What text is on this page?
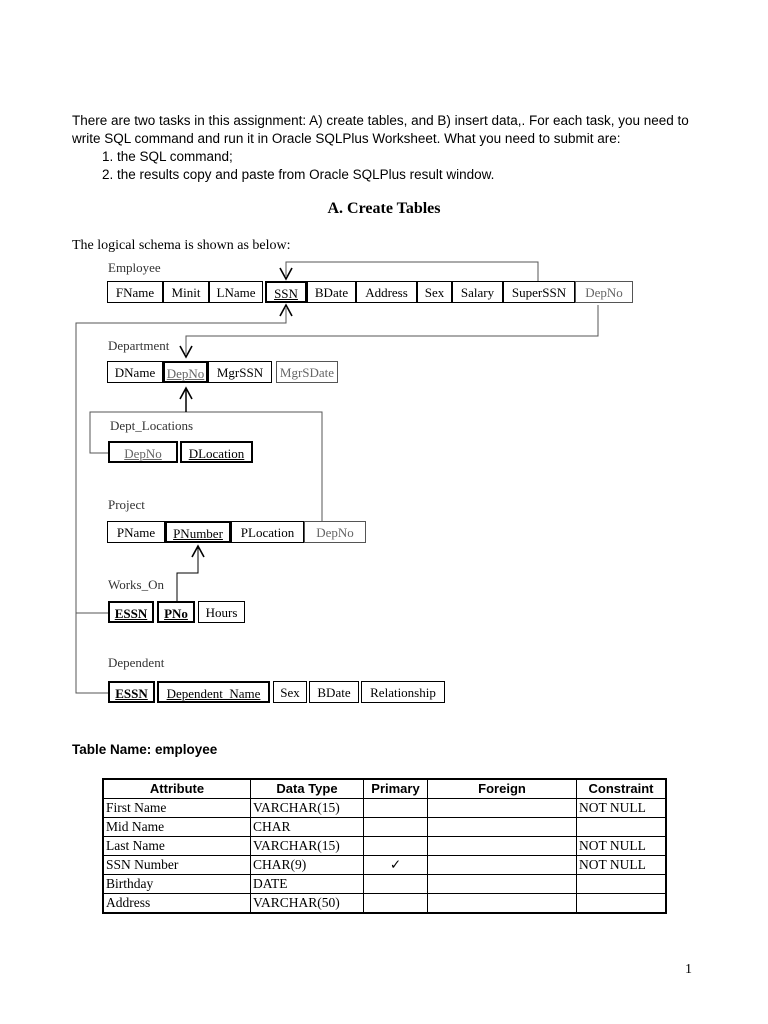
There are two tasks in this assignment: A) create tables, and B) insert data,. For each task, you need to write SQL command and run it in Oracle SQLPlus Worksheet. What you need to submit are:

1. the SQL command;
2. the results copy and paste from Oracle SQLPlus result window.
A. Create Tables
The logical schema is shown as below:
Employee
FName	Minit	LName	SSN	BDate	Address	Sex	Salary	SuperSSN	DepNo
Department
DName DepNo MgrSSN	MgrSDate
Dept_Locations
DepNo	DLocation
Project
PName	PNumber	PLocation	DepNo
Works_On
ESSN	PNo	Hours
Dependent
ESSN	Dependent_Name	Sex	BDate	Relationship
Table Name: employee
Attribute	Data Type	Primary	Foreign	Constraint
First Name	VARCHAR(15)			NOT NULL
Mid Name	CHAR			
Last Name	VARCHAR(15)			NOT NULL
SSN Number	CHAR(9)	✓		NOT NULL
Birthday	DATE			
Address	VARCHAR(50)			
1
